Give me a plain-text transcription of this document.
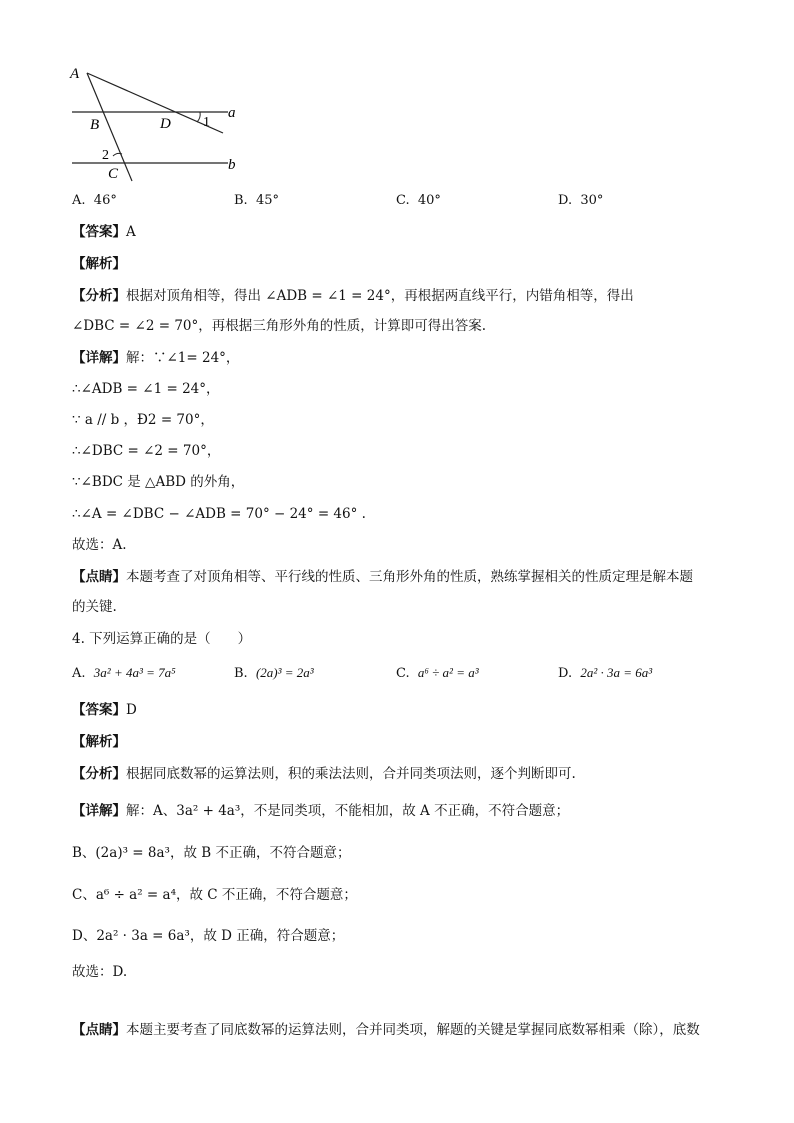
A
B	D 1
a
2
C
b
A. 46°	B. 45°	C. 40°	D. 30°
【答案】A
【解析】
【分析】根据对顶角相等，得出 ∠ADB = ∠1 = 24°，再根据两直线平行，内错角相等，得出
∠DBC = ∠2 = 70°，再根据三角形外角的性质，计算即可得出答案.
【详解】解：∵∠1= 24°，
∴∠ADB = ∠1 = 24°，
∵ a // b ，Ð2 = 70°，
∴∠DBC = ∠2 = 70°，
∵∠BDC 是 △ABD 的外角，
∴∠A = ∠DBC − ∠ADB = 70° − 24° = 46° .
故选：A.
【点睛】本题考查了对顶角相等、平行线的性质、三角形外角的性质，熟练掌握相关的性质定理是解本题
的关键.
4. 下列运算正确的是（　　）
A. 3a² + 4a³ = 7a⁵	B. (2a)³ = 2a³	C. a⁶ ÷ a² = a³	D. 2a² · 3a = 6a³
【答案】D
【解析】
【分析】根据同底数幂的运算法则，积的乘法法则，合并同类项法则，逐个判断即可.
【详解】解：A、3a² + 4a³，不是同类项，不能相加，故 A 不正确，不符合题意；
B、(2a)³ = 8a³，故 B 不正确，不符合题意；
C、a⁶ ÷ a² = a⁴，故 C 不正确，不符合题意；
D、2a² · 3a = 6a³，故 D 正确，符合题意；
故选：D.
【点睛】本题主要考查了同底数幂的运算法则，合并同类项，解题的关键是掌握同底数幂相乘（除），底数
